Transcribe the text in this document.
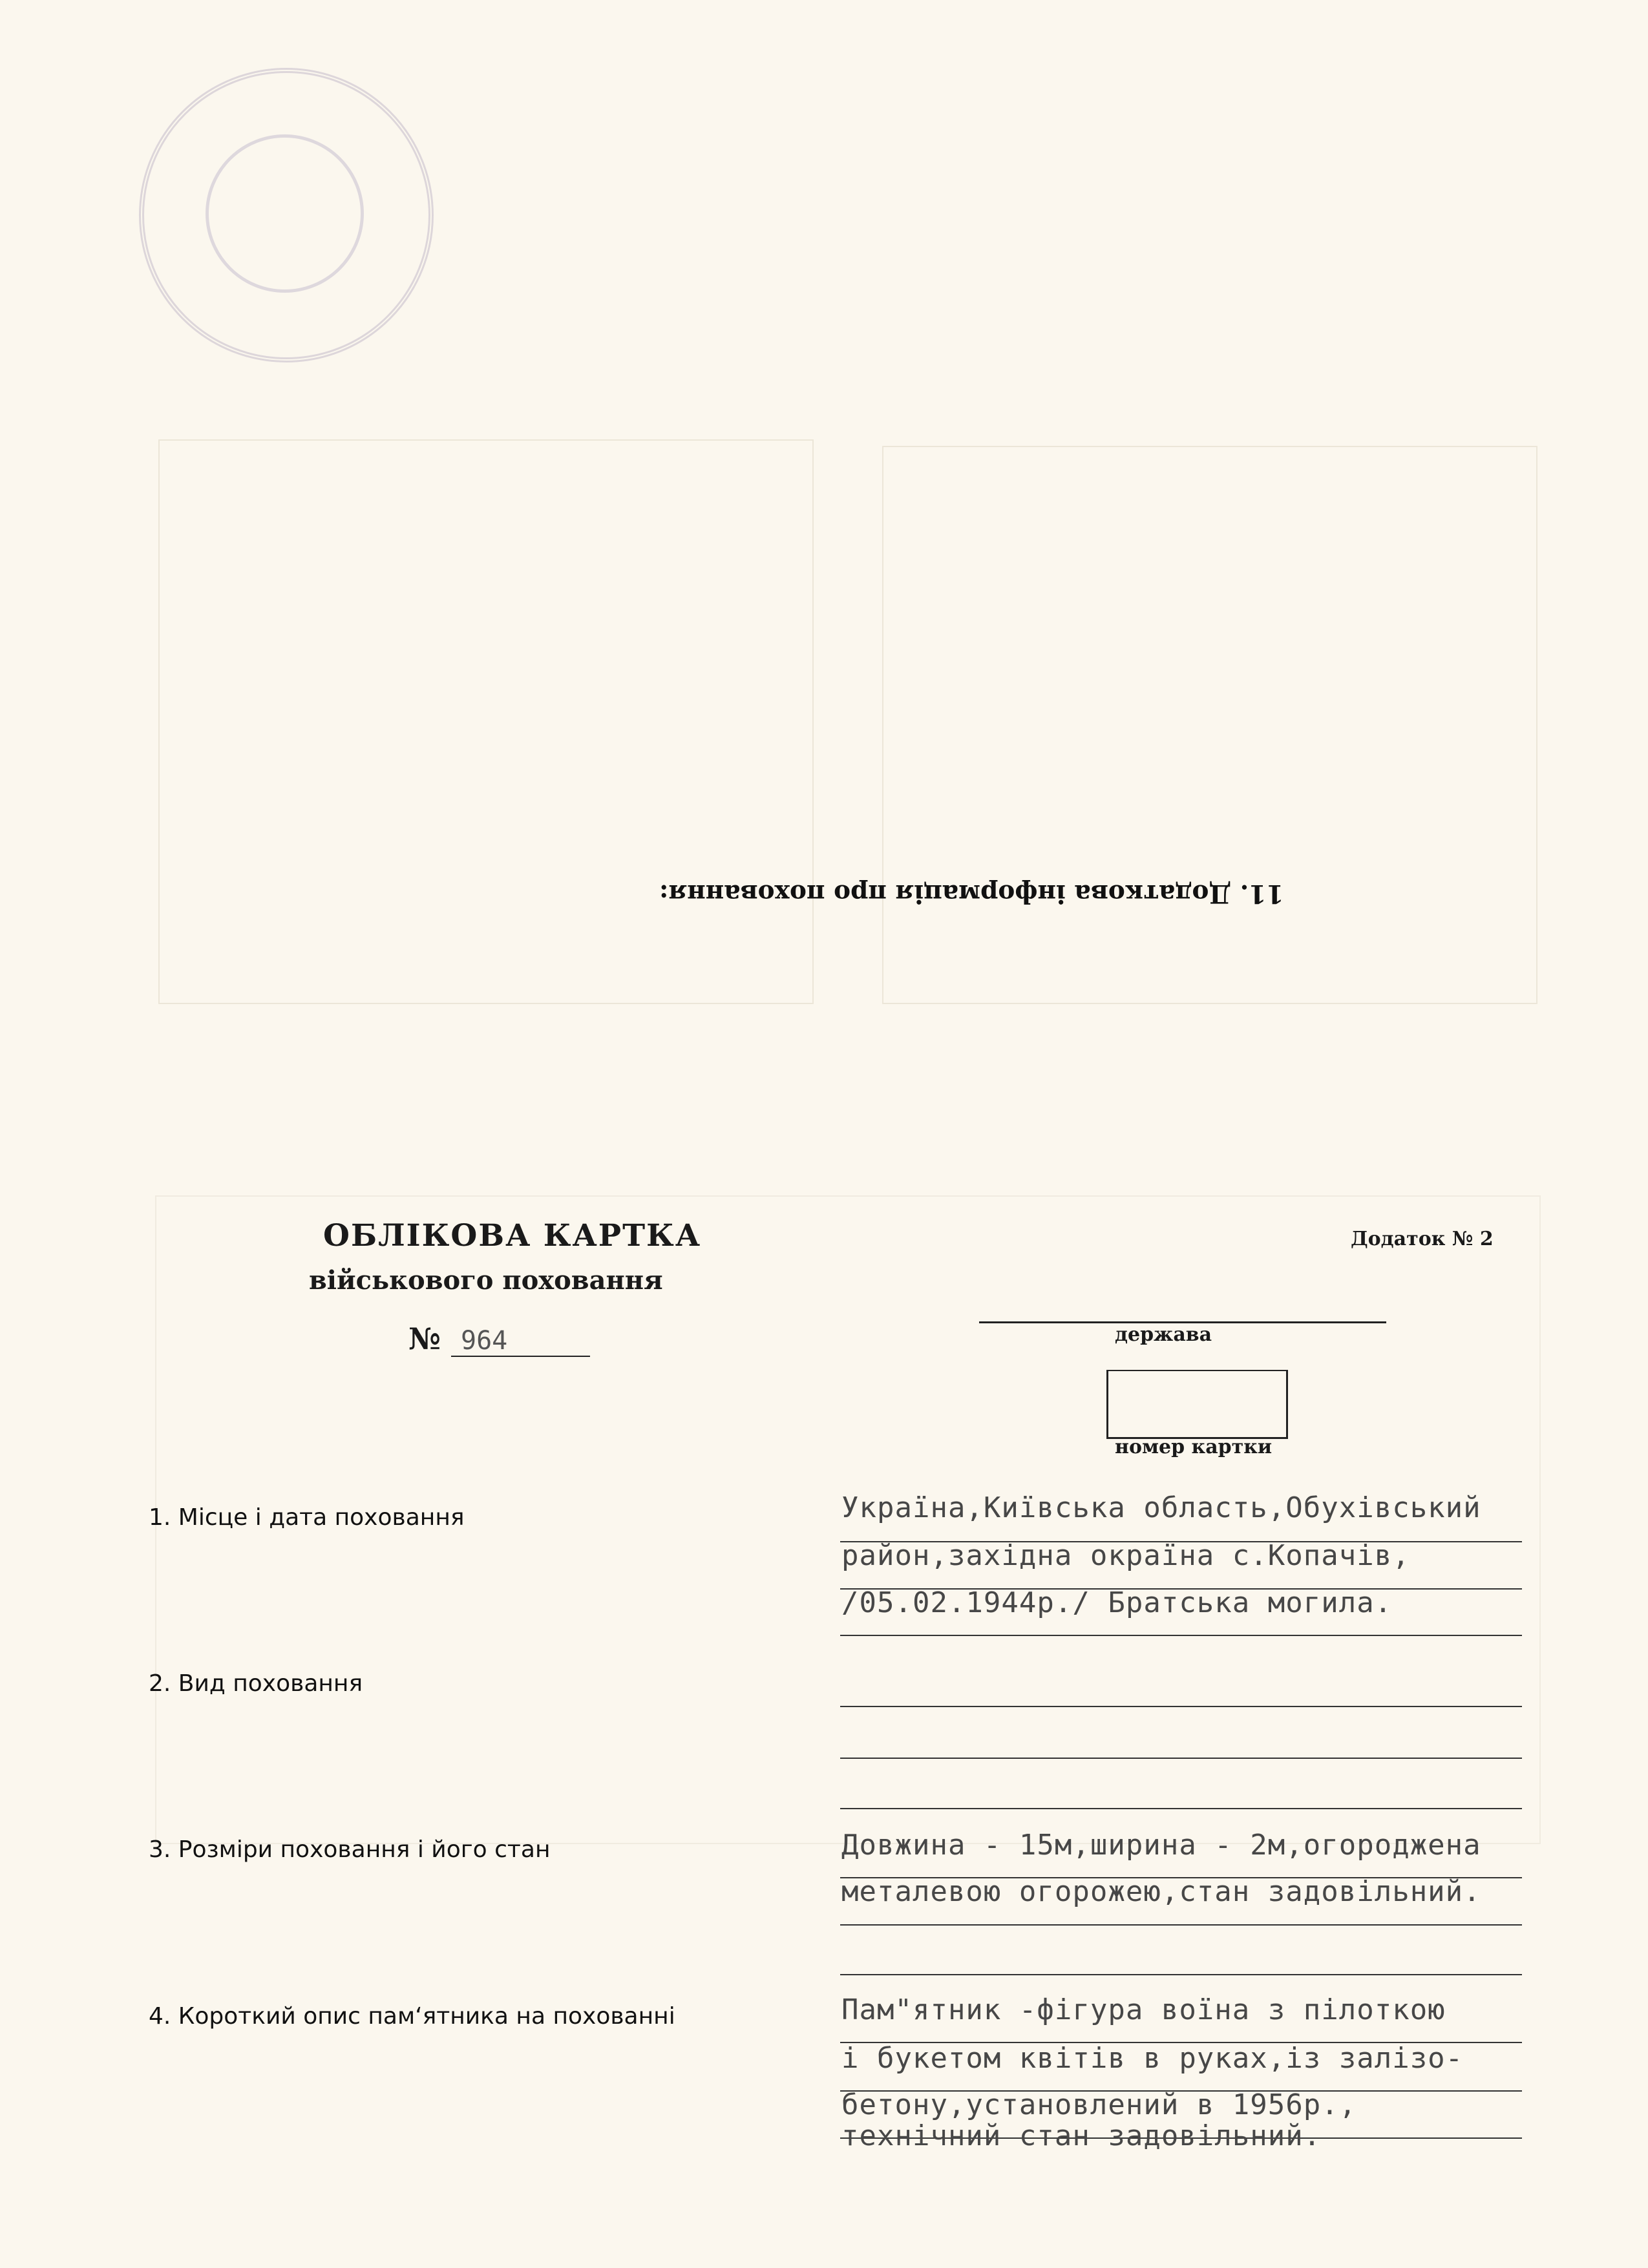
11. Додаткова інформація про поховання:
ОБЛІКОВА КАРТКА
військового поховання
№ 964
Додаток № 2
держава
номер картки
1. Місце і дата поховання
2. Вид поховання
3. Розміри поховання і його стан
4. Короткий опис пам‘ятника на похованні
Україна,Київська область,Обухівський
район,західна окраїна с.Копачів,
/05.02.1944р./ Братська могила.
Довжина - 15м,ширина - 2м,огороджена
металевою огорожею,стан задовільний.
Пам"ятник -фігура воїна з пілоткою
і букетом квітів в руках,із залізо-
бетону,установлений в 1956р.,
технічний стан задовільний.
